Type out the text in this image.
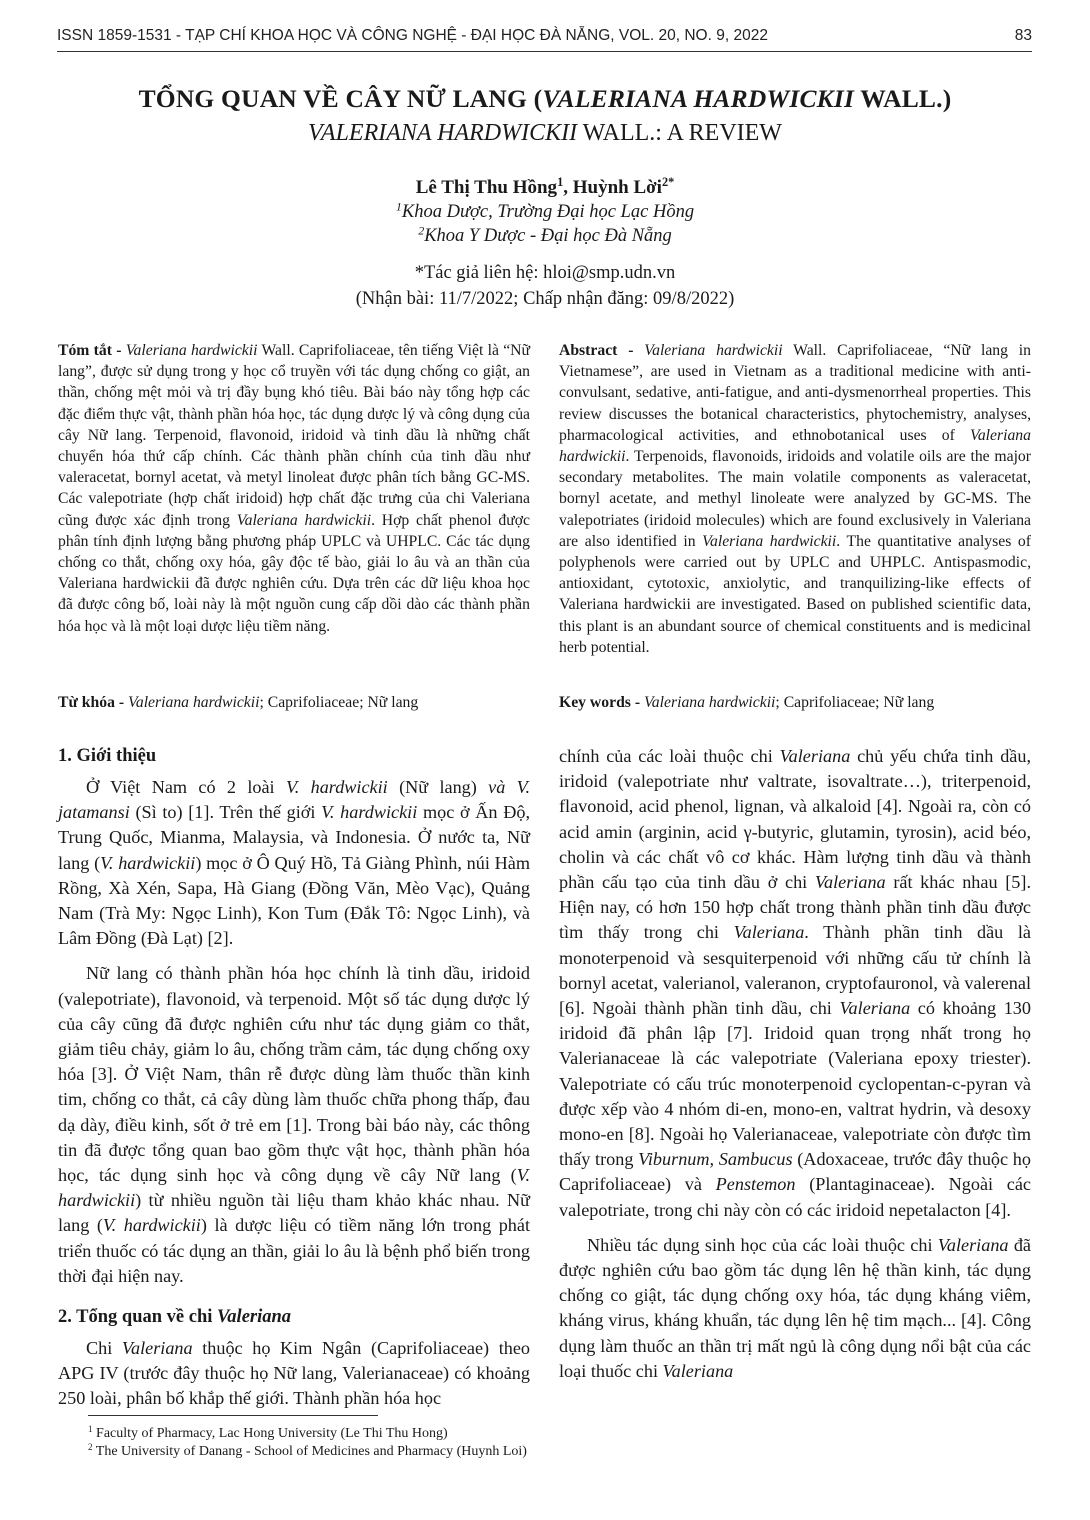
ISSN 1859-1531 - TẠP CHÍ KHOA HỌC VÀ CÔNG NGHỆ - ĐẠI HỌC ĐÀ NẴNG, VOL. 20, NO. 9, 2022	83
TỔNG QUAN VỀ CÂY NỮ LANG (VALERIANA HARDWICKII WALL.)
VALERIANA HARDWICKII WALL.: A REVIEW
Lê Thị Thu Hồng$^1$, Huỳnh Lời$^{2*}$
$^1$Khoa Dược, Trường Đại học Lạc Hồng
$^2$Khoa Y Dược - Đại học Đà Nẵng
*Tác giả liên hệ: hloi@smp.udn.vn
(Nhận bài: 11/7/2022; Chấp nhận đăng: 09/8/2022)
Tóm tắt - Valeriana hardwickii Wall. Caprifoliaceae, tên tiếng Việt là “Nữ lang”, được sử dụng trong y học cổ truyền với tác dụng chống co giật, an thần, chống mệt mỏi và trị đầy bụng khó tiêu. Bài báo này tổng hợp các đặc điểm thực vật, thành phần hóa học, tác dụng dược lý và công dụng của cây Nữ lang. Terpenoid, flavonoid, iridoid và tinh dầu là những chất chuyển hóa thứ cấp chính. Các thành phần chính của tinh dầu như valeracetat, bornyl acetat, và metyl linoleat được phân tích bằng GC-MS. Các valepotriate (hợp chất iridoid) hợp chất đặc trưng của chi Valeriana cũng được xác định trong Valeriana hardwickii. Hợp chất phenol được phân tính định lượng bằng phương pháp UPLC và UHPLC. Các tác dụng chống co thắt, chống oxy hóa, gây độc tế bào, giải lo âu và an thần của Valeriana hardwickii đã được nghiên cứu. Dựa trên các dữ liệu khoa học đã được công bố, loài này là một nguồn cung cấp dồi dào các thành phần hóa học và là một loại dược liệu tiềm năng.
Abstract - Valeriana hardwickii Wall. Caprifoliaceae, “Nữ lang in Vietnamese”, are used in Vietnam as a traditional medicine with anti-convulsant, sedative, anti-fatigue, and anti-dysmenorrheal properties. This review discusses the botanical characteristics, phytochemistry, analyses, pharmacological activities, and ethnobotanical uses of Valeriana hardwickii. Terpenoids, flavonoids, iridoids and volatile oils are the major secondary metabolites. The main volatile components as valeracetat, bornyl acetate, and methyl linoleate were analyzed by GC-MS. The valepotriates (iridoid molecules) which are found exclusively in Valeriana are also identified in Valeriana hardwickii. The quantitative analyses of polyphenols were carried out by UPLC and UHPLC. Antispasmodic, antioxidant, cytotoxic, anxiolytic, and tranquilizing-like effects of Valeriana hardwickii are investigated. Based on published scientific data, this plant is an abundant source of chemical constituents and is medicinal herb potential.
Từ khóa - Valeriana hardwickii; Caprifoliaceae; Nữ lang	Key words - Valeriana hardwickii; Caprifoliaceae; Nữ lang
1. Giới thiệu

Ở Việt Nam có 2 loài V. hardwickii (Nữ lang) và V. jatamansi (Sì to) [1]. Trên thế giới V. hardwickii mọc ở Ấn Độ, Trung Quốc, Mianma, Malaysia, và Indonesia. Ở nước ta, Nữ lang (V. hardwickii) mọc ở Ô Quý Hồ, Tả Giàng Phình, núi Hàm Rồng, Xà Xén, Sapa, Hà Giang (Đồng Văn, Mèo Vạc), Quảng Nam (Trà My: Ngọc Linh), Kon Tum (Đắk Tô: Ngọc Linh), và Lâm Đồng (Đà Lạt) [2].

Nữ lang có thành phần hóa học chính là tinh dầu, iridoid (valepotriate), flavonoid, và terpenoid. Một số tác dụng dược lý của cây cũng đã được nghiên cứu như tác dụng giảm co thắt, giảm tiêu chảy, giảm lo âu, chống trầm cảm, tác dụng chống oxy hóa [3]. Ở Việt Nam, thân rễ được dùng làm thuốc thần kinh tim, chống co thắt, cả cây dùng làm thuốc chữa phong thấp, đau dạ dày, điều kinh, sốt ở trẻ em [1]. Trong bài báo này, các thông tin đã được tổng quan bao gồm thực vật học, thành phần hóa học, tác dụng sinh học và công dụng về cây Nữ lang (V. hardwickii) từ nhiều nguồn tài liệu tham khảo khác nhau. Nữ lang (V. hardwickii) là dược liệu có tiềm năng lớn trong phát triển thuốc có tác dụng an thần, giải lo âu là bệnh phổ biến trong thời đại hiện nay.

2. Tổng quan về chi Valeriana

Chi Valeriana thuộc họ Kim Ngân (Caprifoliaceae) theo APG IV (trước đây thuộc họ Nữ lang, Valerianaceae) có khoảng 250 loài, phân bố khắp thế giới. Thành phần hóa học

chính của các loài thuộc chi Valeriana chủ yếu chứa tinh dầu, iridoid (valepotriate như valtrate, isovaltrate…), triterpenoid, flavonoid, acid phenol, lignan, và alkaloid [4]. Ngoài ra, còn có acid amin (arginin, acid γ-butyric, glutamin, tyrosin), acid béo, cholin và các chất vô cơ khác. Hàm lượng tinh dầu và thành phần cấu tạo của tinh dầu ở chi Valeriana rất khác nhau [5]. Hiện nay, có hơn 150 hợp chất trong thành phần tinh dầu được tìm thấy trong chi Valeriana. Thành phần tinh dầu là monoterpenoid và sesquiterpenoid với những cấu tử chính là bornyl acetat, valerianol, valeranon, cryptofauronol, và valerenal [6]. Ngoài thành phần tinh dầu, chi Valeriana có khoảng 130 iridoid đã phân lập [7]. Iridoid quan trọng nhất trong họ Valerianaceae là các valepotriate (Valeriana epoxy triester). Valepotriate có cấu trúc monoterpenoid cyclopentan-c-pyran và được xếp vào 4 nhóm di-en, mono-en, valtrat hydrin, và desoxy mono-en [8]. Ngoài họ Valerianaceae, valepotriate còn được tìm thấy trong Viburnum, Sambucus (Adoxaceae, trước đây thuộc họ Caprifoliaceae) và Penstemon (Plantaginaceae). Ngoài các valepotriate, trong chi này còn có các iridoid nepetalacton [4].

Nhiều tác dụng sinh học của các loài thuộc chi Valeriana đã được nghiên cứu bao gồm tác dụng lên hệ thần kinh, tác dụng chống co giật, tác dụng chống oxy hóa, tác dụng kháng viêm, kháng virus, kháng khuẩn, tác dụng lên hệ tim mạch... [4]. Công dụng làm thuốc an thần trị mất ngủ là công dụng nổi bật của các loại thuốc chi Valeriana

$^1$ Faculty of Pharmacy, Lac Hong University (Le Thi Thu Hong)
$^2$ The University of Danang - School of Medicines and Pharmacy (Huynh Loi)
